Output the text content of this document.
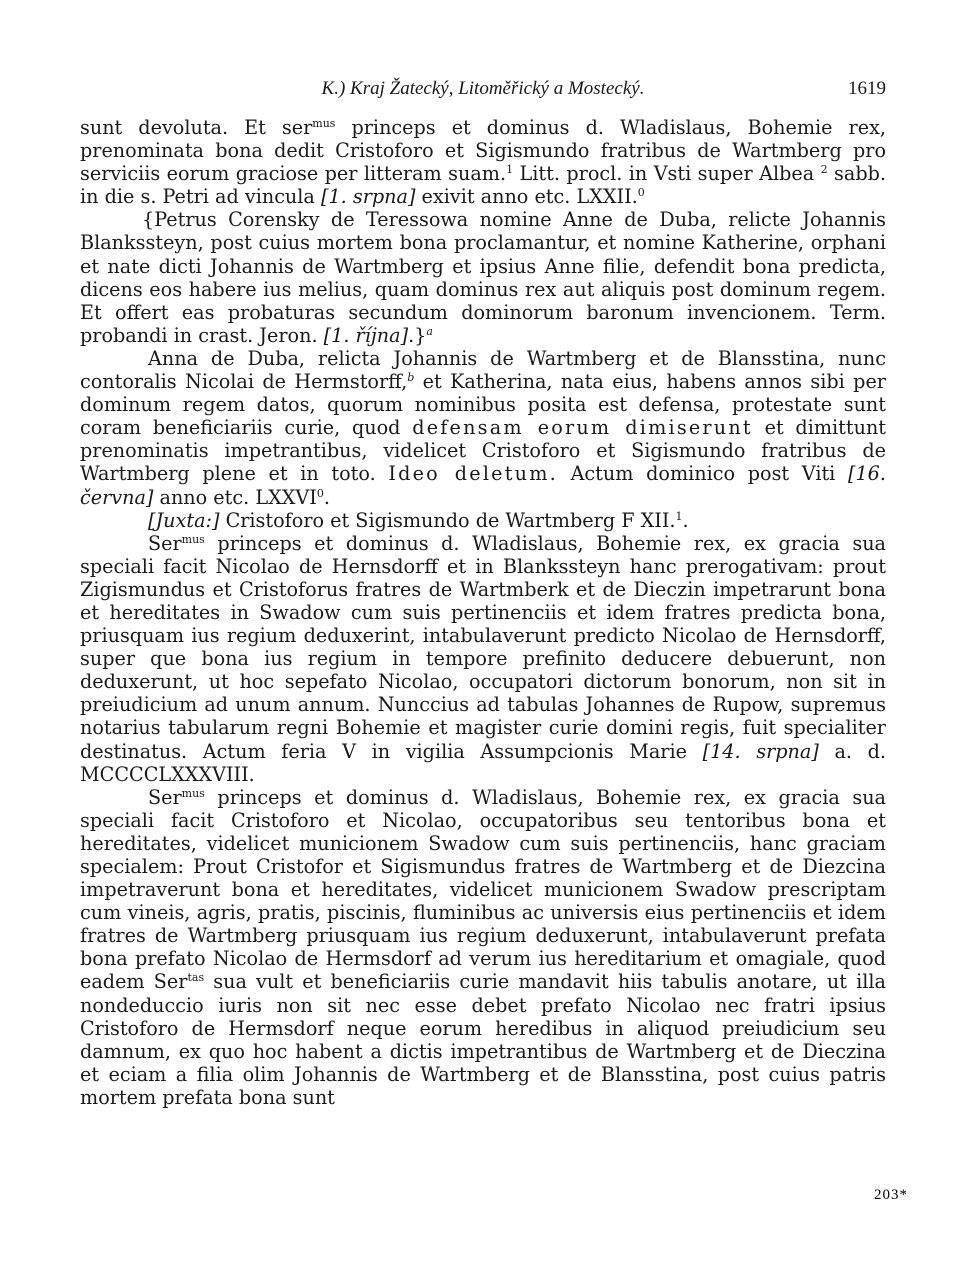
K.) Kraj Žatecký, Litoměřický a Mostecký.	1619

sunt devoluta. Et ser$^{mus}$ princeps et dominus d. Wladislaus, Bohemie rex, prenominata bona dedit Cristoforo et Sigismundo fratribus de Wartmberg pro serviciis eorum graciose per litteram suam.$^1$ Litt. procl. in Vsti super Albea $^2$ sabb. in die s. Petri ad vincula [1. srpna] exivit anno etc. LXXII.$^0$

{Petrus Corensky de Teressowa nomine Anne de Duba, relicte Johannis Blankssteyn, post cuius mortem bona proclamantur, et nomine Katherine, orphani et nate dicti Johannis de Wartmberg et ipsius Anne filie, defendit bona predicta, dicens eos habere ius melius, quam dominus rex aut aliquis post dominum regem. Et offert eas probaturas secundum dominorum baronum invencionem. Term. probandi in crast. Jeron. [1. října].}$^a$

Anna de Duba, relicta Johannis de Wartmberg et de Blansstina, nunc contoralis Nicolai de Hermstorff,$^b$ et Katherina, nata eius, habens annos sibi per dominum regem datos, quorum nominibus posita est defensa, protestate sunt coram beneficiariis curie, quod defensam eorum dimiserunt et dimittunt prenominatis impetrantibus, videlicet Cristoforo et Sigismundo fratribus de Wartmberg plene et in toto. Ideo deletum. Actum dominico post Viti [16. června] anno etc. LXXVI$^0$.

[Juxta:] Cristoforo et Sigismundo de Wartmberg F XII.$^1$.

Ser$^{mus}$ princeps et dominus d. Wladislaus, Bohemie rex, ex gracia sua speciali facit Nicolao de Hernsdorff et in Blankssteyn hanc prerogativam: prout Zigismundus et Cristoforus fratres de Wartmberk et de Dieczin impetrarunt bona et hereditates in Swadow cum suis pertinenciis et idem fratres predicta bona, priusquam ius regium deduxerint, intabulaverunt predicto Nicolao de Hernsdorff, super que bona ius regium in tempore prefinito deducere debuerunt, non deduxerunt, ut hoc sepefato Nicolao, occupatori dictorum bonorum, non sit in preiudicium ad unum annum. Nunccius ad tabulas Johannes de Rupow, supremus notarius tabularum regni Bohemie et magister curie domini regis, fuit specialiter destinatus. Actum feria V in vigilia Assumpcionis Marie [14. srpna] a. d. MCCCCLXXXVIII.

Ser$^{mus}$ princeps et dominus d. Wladislaus, Bohemie rex, ex gracia sua speciali facit Cristoforo et Nicolao, occupatoribus seu tentoribus bona et hereditates, videlicet municionem Swadow cum suis pertinenciis, hanc graciam specialem: Prout Cristofor et Sigismundus fratres de Wartmberg et de Diezcina impetraverunt bona et hereditates, videlicet municionem Swadow prescriptam cum vineis, agris, pratis, piscinis, fluminibus ac universis eius pertinenciis et idem fratres de Wartmberg priusquam ius regium deduxerunt, intabulaverunt prefata bona prefato Nicolao de Hermsdorf ad verum ius hereditarium et omagiale, quod eadem Ser$^{tas}$ sua vult et beneficiariis curie mandavit hiis tabulis anotare, ut illa nondeduccio iuris non sit nec esse debet prefato Nicolao nec fratri ipsius Cristoforo de Hermsdorf neque eorum heredibus in aliquod preiudicium seu damnum, ex quo hoc habent a dictis impetrantibus de Wartmberg et de Dieczina et eciam a filia olim Johannis de Wartmberg et de Blansstina, post cuius patris mortem prefata bona sunt

203*
